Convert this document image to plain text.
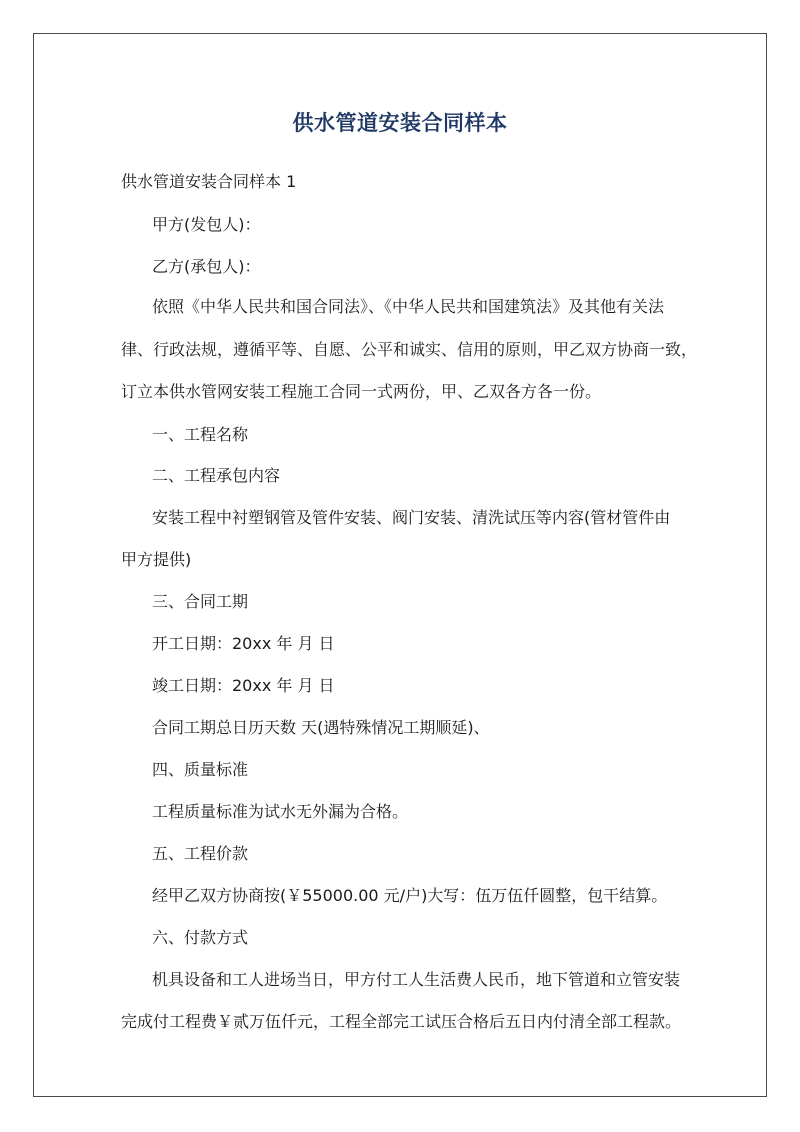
供水管道安装合同样本
供水管道安装合同样本 1
甲方(发包人)：
乙方(承包人)：
依照《中华人民共和国合同法》、《中华人民共和国建筑法》及其他有关法
律、行政法规，遵循平等、自愿、公平和诚实、信用的原则，甲乙双方协商一致，
订立本供水管网安装工程施工合同一式两份，甲、乙双各方各一份。
一、工程名称
二、工程承包内容
安装工程中衬塑钢管及管件安装、阀门安装、清洗试压等内容(管材管件由
甲方提供)
三、合同工期
开工日期：20xx 年 月 日
竣工日期：20xx 年 月 日
合同工期总日历天数 天(遇特殊情况工期顺延)、
四、质量标准
工程质量标准为试水无外漏为合格。
五、工程价款
经甲乙双方协商按(￥55000.00 元/户)大写：伍万伍仟圆整，包干结算。
六、付款方式
机具设备和工人进场当日，甲方付工人生活费人民币，地下管道和立管安装
完成付工程费￥贰万伍仟元，工程全部完工试压合格后五日内付清全部工程款。
